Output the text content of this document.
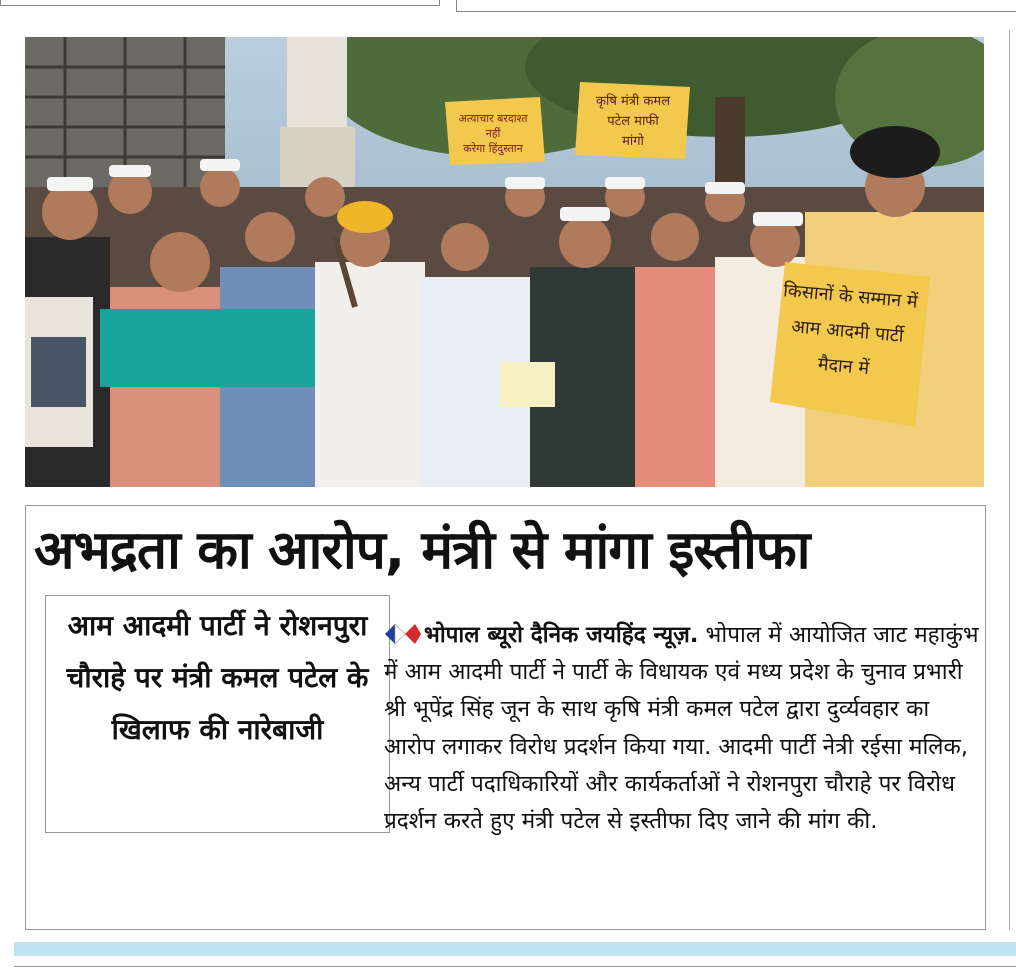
अत्याचार बरदाश्त
नहीं
करेगा हिंदुस्तान
कृषि मंत्री कमल
पटेल माफी
मांगो
किसानों के सम्मान में
आम आदमी पार्टी
मैदान में
अभद्रता का आरोप, मंत्री से मांगा इस्तीफा
आम आदमी पार्टी ने रोशनपुरा चौराहे पर मंत्री कमल पटेल के खिलाफ की नारेबाजी
भोपाल ब्यूरो दैनिक जयहिंद न्यूज़. भोपाल में आयोजित जाट महाकुंभ में आम आदमी पार्टी ने पार्टी के विधायक एवं मध्य प्रदेश के चुनाव प्रभारी श्री भूपेंद्र सिंह जून के साथ कृषि मंत्री कमल पटेल द्वारा दुर्व्यवहार का आरोप लगाकर विरोध प्रदर्शन किया गया. आदमी पार्टी नेत्री रईसा मलिक, अन्य पार्टी पदाधिकारियों और कार्यकर्ताओं ने रोशनपुरा चौराहे पर विरोध प्रदर्शन करते हुए मंत्री पटेल से इस्तीफा दिए जाने की मांग की.
